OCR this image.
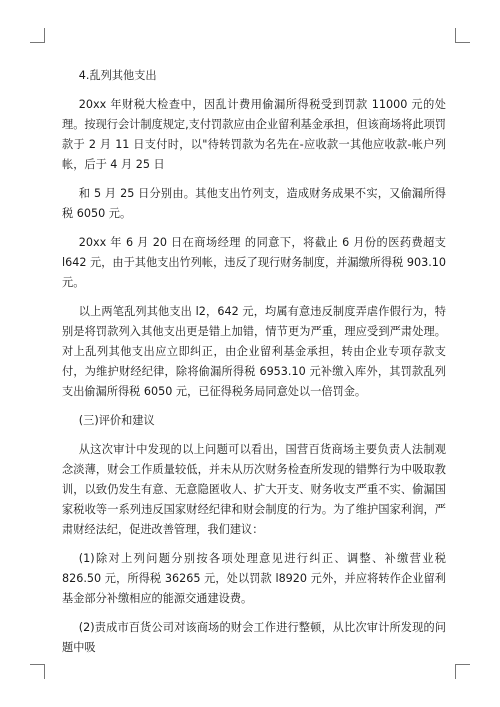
4.乱列其他支出

20xx 年财税大检查中，因乱计费用偷漏所得税受到罚款 11000 元的处理。按现行会计制度规定,支付罚款应由企业留利基金承担，但该商场将此项罚款于 2 月 11 日支付时，以"待转罚款为名先在-应收款一其他应收款-帐户列帐，后于 4 月 25 日

和 5 月 25 日分别由。其他支出竹列支，造成财务成果不实，又偷漏所得税 6050 元。

20xx 年 6 月 20 日在商场经理 的同意下，将截止 6 月份的医药费超支 l642 元，由于其他支出竹列帐，违反了现行财务制度，并漏缴所得税 903.10 元。

以上两笔乱列其他支出 l2，642 元，均属有意违反制度弄虐作假行为，特别是将罚款列入其他支出更是错上加错，情节更为严重，理应受到严肃处理。对上乱列其他支出应立即纠正，由企业留利基金承担，转由企业专项存款支付，为维护财经纪律，除将偷漏所得税 6953.10 元补缴入库外，其罚款乱列支出偷漏所得税 6050 元，已征得税务局同意处以一倍罚金。

(三)评价和建议

从这次审计中发现的以上问题可以看出，国营百货商场主要负责人法制观念淡薄，财会工作质量较低，并未从历次财务检查所发现的错弊行为中吸取教训，以致仍发生有意、无意隐匿收人、扩大开支、财务收支严重不实、偷漏国家税收等一系列违反国家财经纪律和财会制度的行为。为了维护国家利润，严肃财经法纪，促进改善管理，我们建议：

(1)除对上列问题分别按各项处理意见进行纠正、调整、补缴营业税 826.50 元，所得税 36265 元，处以罚款 l8920 元外，并应将转作企业留利基金部分补缴相应的能源交通建设费。

(2)责成市百货公司对该商场的财会工作进行整顿，从比次审计所发现的问题中吸
